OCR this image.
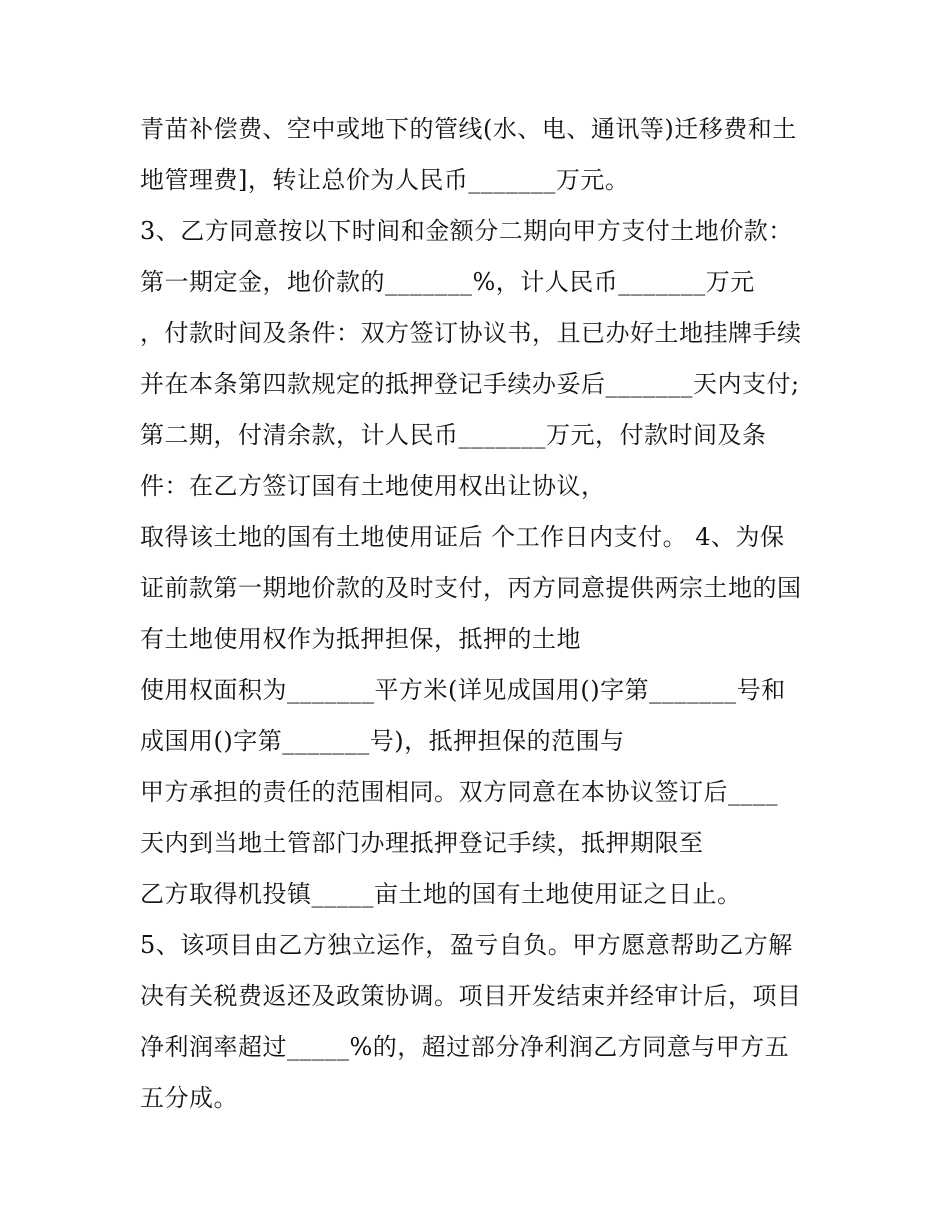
青苗补偿费、空中或地下的管线(水、电、通讯等)迁移费和土
地管理费]，转让总价为人民币_______万元。
3、乙方同意按以下时间和金额分二期向甲方支付土地价款：
第一期定金，地价款的_______%，计人民币_______万元
，付款时间及条件：双方签订协议书，且已办好土地挂牌手续
并在本条第四款规定的抵押登记手续办妥后_______天内支付;
第二期，付清余款，计人民币_______万元，付款时间及条
件：在乙方签订国有土地使用权出让协议，
取得该土地的国有土地使用证后 个工作日内支付。 4、为保
证前款第一期地价款的及时支付，丙方同意提供两宗土地的国
有土地使用权作为抵押担保，抵押的土地
使用权面积为_______平方米(详见成国用()字第_______号和
成国用()字第_______号)，抵押担保的范围与
甲方承担的责任的范围相同。双方同意在本协议签订后____
天内到当地土管部门办理抵押登记手续，抵押期限至
乙方取得机投镇_____亩土地的国有土地使用证之日止。
5、该项目由乙方独立运作，盈亏自负。甲方愿意帮助乙方解
决有关税费返还及政策协调。项目开发结束并经审计后，项目
净利润率超过_____%的，超过部分净利润乙方同意与甲方五
五分成。
